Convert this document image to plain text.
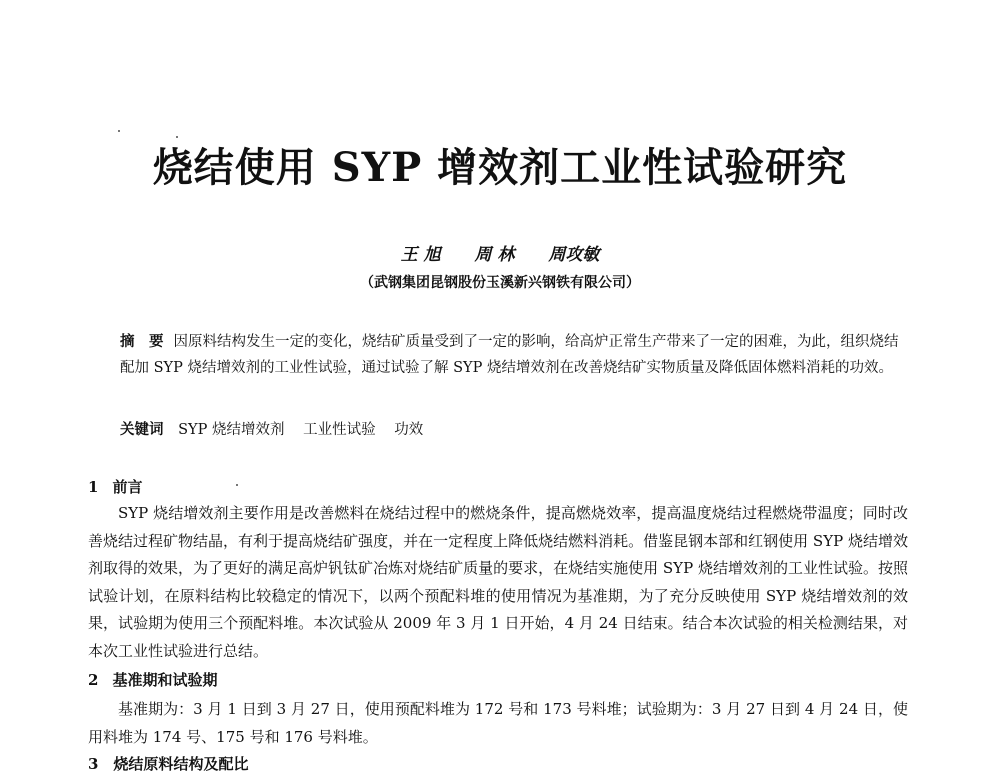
烧结使用 SYP 增效剂工业性试验研究
王 旭 周 林 周攻敏
（武钢集团昆钢股份玉溪新兴钢铁有限公司）
摘　要 因原料结构发生一定的变化，烧结矿质量受到了一定的影响，给高炉正常生产带来了一定的困难，为此，组织烧结配加 SYP 烧结增效剂的工业性试验，通过试验了解 SYP 烧结增效剂在改善烧结矿实物质量及降低固体燃料消耗的功效。
关键词 SYP 烧结增效剂 工业性试验 功效
1 前言
SYP 烧结增效剂主要作用是改善燃料在烧结过程中的燃烧条件，提高燃烧效率，提高温度烧结过程燃烧带温度；同时改善烧结过程矿物结晶，有利于提高烧结矿强度，并在一定程度上降低烧结燃料消耗。借鉴昆钢本部和红钢使用 SYP 烧结增效剂取得的效果，为了更好的满足高炉钒钛矿冶炼对烧结矿质量的要求，在烧结实施使用 SYP 烧结增效剂的工业性试验。按照试验计划，在原料结构比较稳定的情况下，以两个预配料堆的使用情况为基准期，为了充分反映使用 SYP 烧结增效剂的效果，试验期为使用三个预配料堆。本次试验从 2009 年 3 月 1 日开始，4 月 24 日结束。结合本次试验的相关检测结果，对本次工业性试验进行总结。
2 基准期和试验期
基准期为：3 月 1 日到 3 月 27 日，使用预配料堆为 172 号和 173 号料堆；试验期为：3 月 27 日到 4 月 24 日，使用料堆为 174 号、175 号和 176 号料堆。
3　烧结原料结构及配比
